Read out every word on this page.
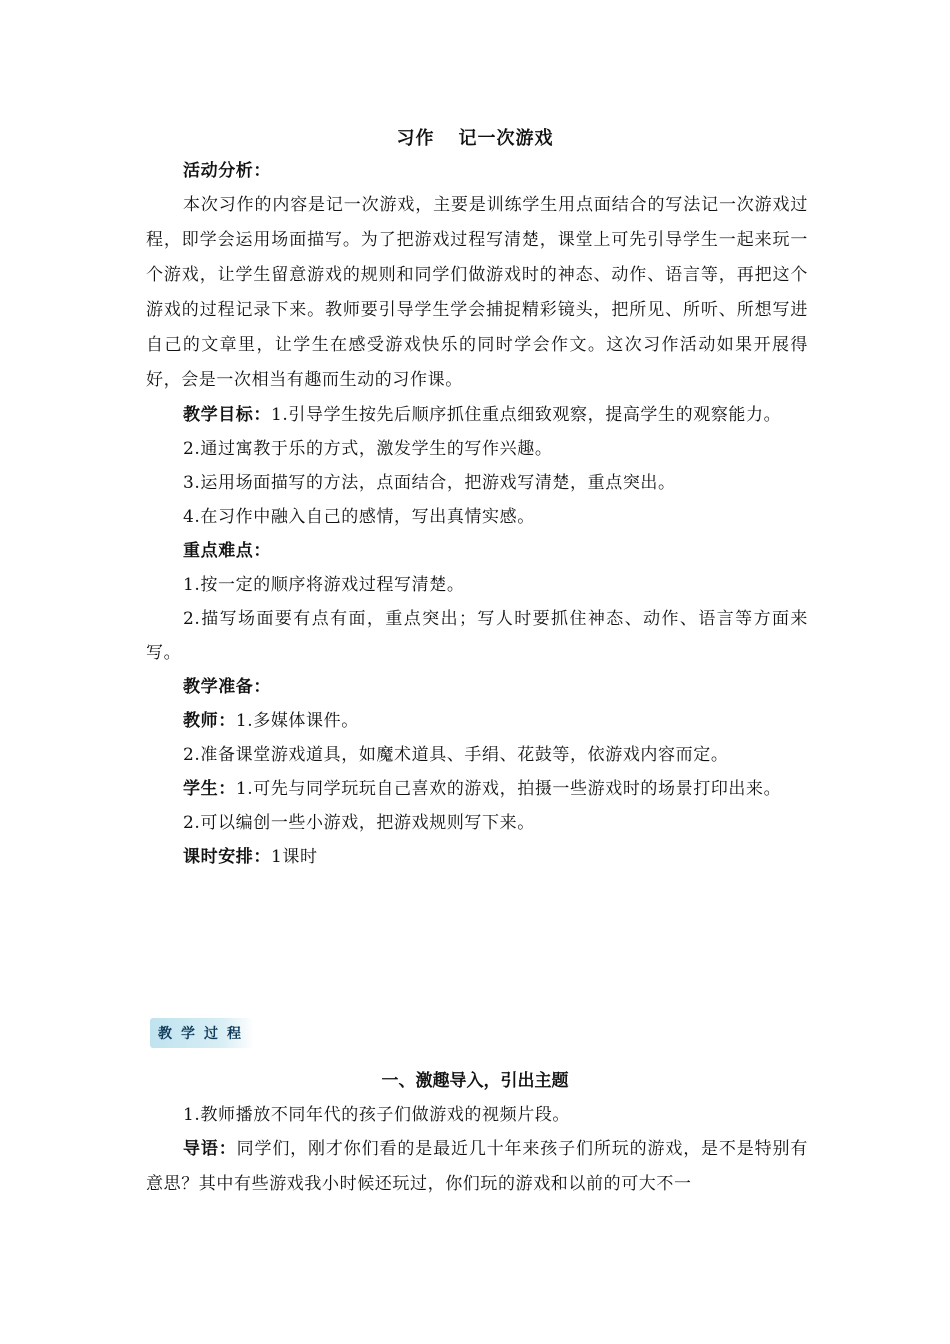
习作 记一次游戏

活动分析：

本次习作的内容是记一次游戏，主要是训练学生用点面结合的写法记一次游戏过程，即学会运用场面描写。为了把游戏过程写清楚，课堂上可先引导学生一起来玩一个游戏，让学生留意游戏的规则和同学们做游戏时的神态、动作、语言等，再把这个游戏的过程记录下来。教师要引导学生学会捕捉精彩镜头，把所见、所听、所想写进自己的文章里，让学生在感受游戏快乐的同时学会作文。这次习作活动如果开展得好，会是一次相当有趣而生动的习作课。

教学目标：1.引导学生按先后顺序抓住重点细致观察，提高学生的观察能力。

2.通过寓教于乐的方式，激发学生的写作兴趣。

3.运用场面描写的方法，点面结合，把游戏写清楚，重点突出。

4.在习作中融入自己的感情，写出真情实感。

重点难点：

1.按一定的顺序将游戏过程写清楚。

2.描写场面要有点有面，重点突出；写人时要抓住神态、动作、语言等方面来写。

教学准备：

教师：1.多媒体课件。

2.准备课堂游戏道具，如魔术道具、手绢、花鼓等，依游戏内容而定。

学生：1.可先与同学玩玩自己喜欢的游戏，拍摄一些游戏时的场景打印出来。

2.可以编创一些小游戏，把游戏规则写下来。

课时安排：1课时

教 学 过 程
一、激趣导入，引出主题

1.教师播放不同年代的孩子们做游戏的视频片段。

导语：同学们，刚才你们看的是最近几十年来孩子们所玩的游戏，是不是特别有意思？其中有些游戏我小时候还玩过，你们玩的游戏和以前的可大不一
